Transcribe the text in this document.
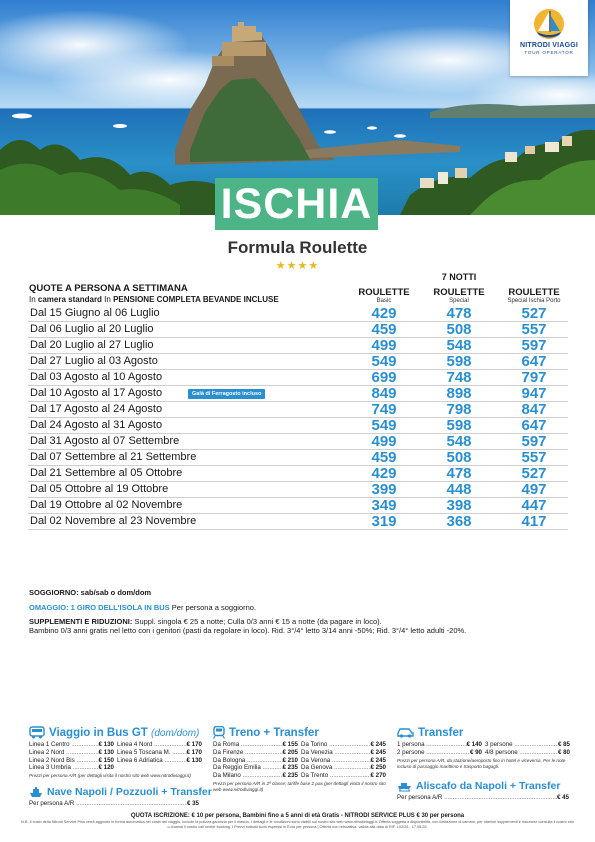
NITRODI VIAGGI
TOUR OPERATOR
ISCHIA
Formula Roulette
★★★★
QUOTE A PERSONA A SETTIMANA
In camera standard In PENSIONE COMPLETA BEVANDE INCLUSE
7 NOTTI
ROULETTE
Basic
ROULETTE
Special
ROULETTE
Special Ischia Porto
Dal 15 Giugno al 06 Luglio	429	478	527
Dal 06 Luglio al 20 Luglio	459	508	557
Dal 20 Luglio al 27 Luglio	499	548	597
Dal 27 Luglio al 03 Agosto	549	598	647
Dal 03 Agosto al 10 Agosto	699	748	797
Dal 10 Agosto al 17 Agosto	Galà di Ferragosto incluso	849	898	947
Dal 17 Agosto al 24 Agosto	749	798	847
Dal 24 Agosto al 31 Agosto	549	598	647
Dal 31 Agosto al 07 Settembre	499	548	597
Dal 07 Settembre al 21 Settembre	459	508	557
Dal 21 Settembre al 05 Ottobre	429	478	527
Dal 05 Ottobre al 19 Ottobre	399	448	497
Dal 19 Ottobre al 02 Novembre	349	398	447
Dal 02 Novembre al 23 Novembre	319	368	417
SOGGIORNO: sab/sab o dom/dom
OMAGGIO: 1 GIRO DELL'ISOLA IN BUS Per persona a soggiorno.
SUPPLEMENTI E RIDUZIONI: Suppl. singola € 25 a notte; Culla 0/3 anni € 15 a notte (da pagare in loco).
Bambino 0/3 anni gratis nel letto con i genitori (pasti da regolare in loco). Rid. 3°/4° letto 3/14 anni -50%; Rid. 3°/4° letto adulti -20%.
Viaggio in Bus GT (dom/dom)
Linea 1 Centro .....	€ 130 Linea 4 Nord .....	€ 170
Linea 2 Nord .....	€ 130 Linea 5 Toscana M. .....	€ 170
Linea 2 Nord Bis .....	€ 150 Linea 6 Adriatica .....	€ 130
Linea 3 Umbria .....	€ 120
Prezzi per persona A/R (per dettagli visita il nostro sito web www.nitrodiviaggi.it)
Nave Napoli / Pozzuoli + Transfer
Per persona A/R .....	€ 35
Treno + Transfer
Da Roma .....	€ 155 Da Torino .....	€ 245
Da Firenze .....	€ 205 Da Venezia .....	€ 245
Da Bologna .....	€ 210 Da Verona .....	€ 245
Da Reggio Emilia .....	€ 235 Da Genova .....	€ 250
Da Milano .....	€ 235 Da Trento .....	€ 270
Prezzi per persona A/R in 2ª classe; tariffe base 2 pax (per dettagli visita il nostro sito web www.nitrodiviaggi.it)
Transfer
1 persona .....	€ 140 3 persone .....	€ 85
2 persone .....	€ 90 4/8 persone .....	€ 80
Prezzi per persona A/R, da stazione/aeroporto fino in hotel e viceversa. Per le note incluso di passaggio marittimo e trasporto bagagli.
Aliscafo da Napoli + Transfer
Per persona A/R .....	€ 45
QUOTA ISCRIZIONE: € 10 per persona, Bambini fino a 5 anni di età Gratis - NITRODI SERVICE PLUS € 30 per persona
N.B. Il costo della Nitrodi Service Plus verrà aggiunto in forma automatica nel costo del viaggio, include la polizza garanzia per il rilascio. I dettagli e le condizioni sono visibili sul nostro sito web www.nitrodiviaggi.it. Offerta soggetta a disponibilità, con limitazione di camere, per ulteriori supplementi e riduzione consulta il nostro sito o chiama il nostro call center booking. I Prezzi indicati sono espressi in Euro per persona | Offerta non retroattiva, valida alla data di RIF. 102/25 - 17.06.25.
